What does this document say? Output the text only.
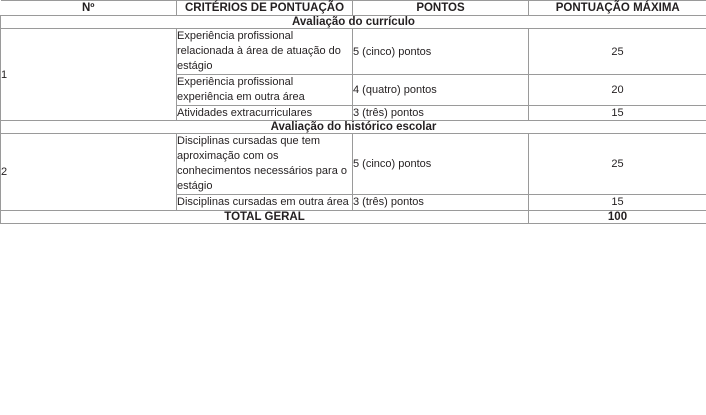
Nº	CRITÉRIOS DE PONTUAÇÃO	PONTOS	PONTUAÇÃO MÁXIMA
Avaliação do currículo			
1	Experiência profissional relacionada à área de atuação do estágio	5 (cinco) pontos	25
	Experiência profissional experiência em outra área	4 (quatro) pontos	20
	Atividades extracurriculares	3 (três) pontos	15
Avaliação do histórico escolar			
2	Disciplinas cursadas que tem aproximação com os conhecimentos necessários para o estágio	5 (cinco) pontos	25
	Disciplinas cursadas em outra área	3 (três) pontos	15
TOTAL GERAL			100
